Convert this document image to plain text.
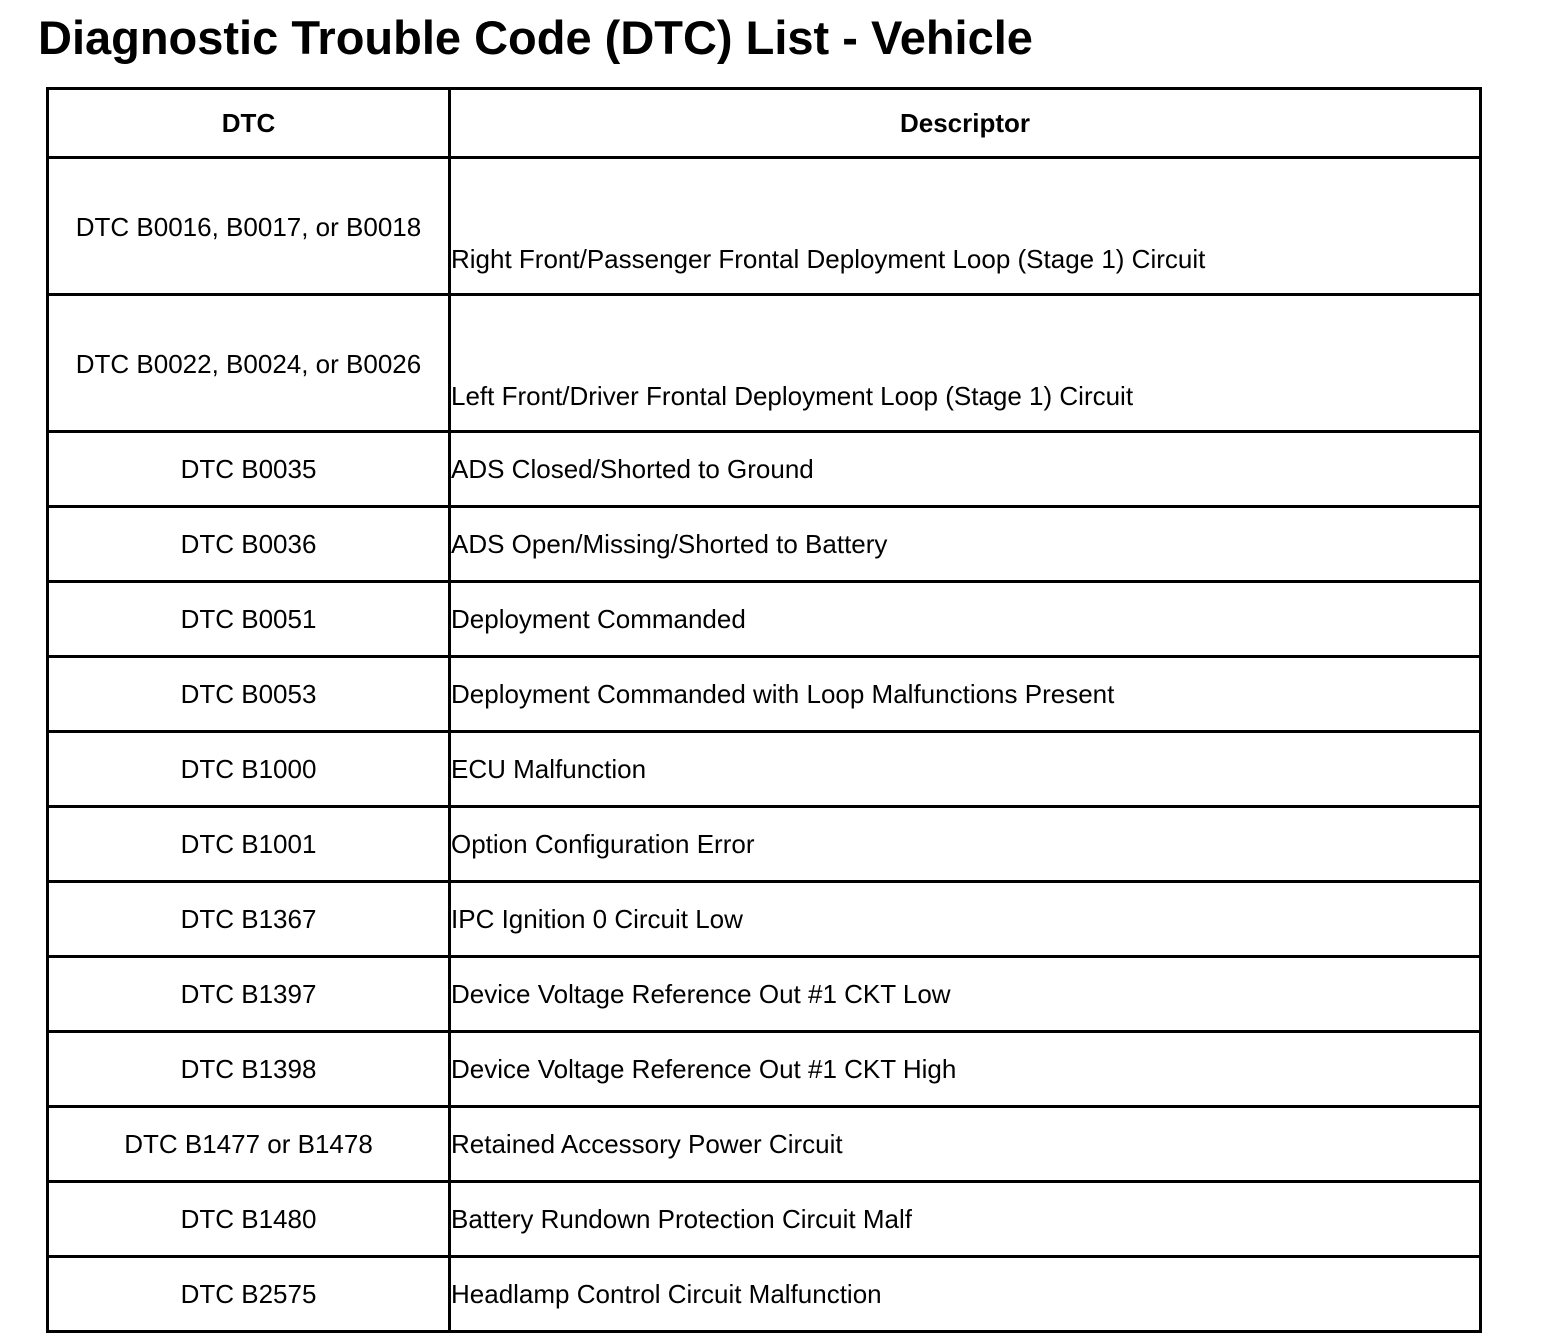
Diagnostic Trouble Code (DTC) List - Vehicle
DTC	Descriptor
DTC B0016, B0017, or B0018	Right Front/Passenger Frontal Deployment Loop (Stage 1) Circuit
DTC B0022, B0024, or B0026	Left Front/Driver Frontal Deployment Loop (Stage 1) Circuit
DTC B0035	ADS Closed/Shorted to Ground
DTC B0036	ADS Open/Missing/Shorted to Battery
DTC B0051	Deployment Commanded
DTC B0053	Deployment Commanded with Loop Malfunctions Present
DTC B1000	ECU Malfunction
DTC B1001	Option Configuration Error
DTC B1367	IPC Ignition 0 Circuit Low
DTC B1397	Device Voltage Reference Out #1 CKT Low
DTC B1398	Device Voltage Reference Out #1 CKT High
DTC B1477 or B1478	Retained Accessory Power Circuit
DTC B1480	Battery Rundown Protection Circuit Malf
DTC B2575	Headlamp Control Circuit Malfunction
